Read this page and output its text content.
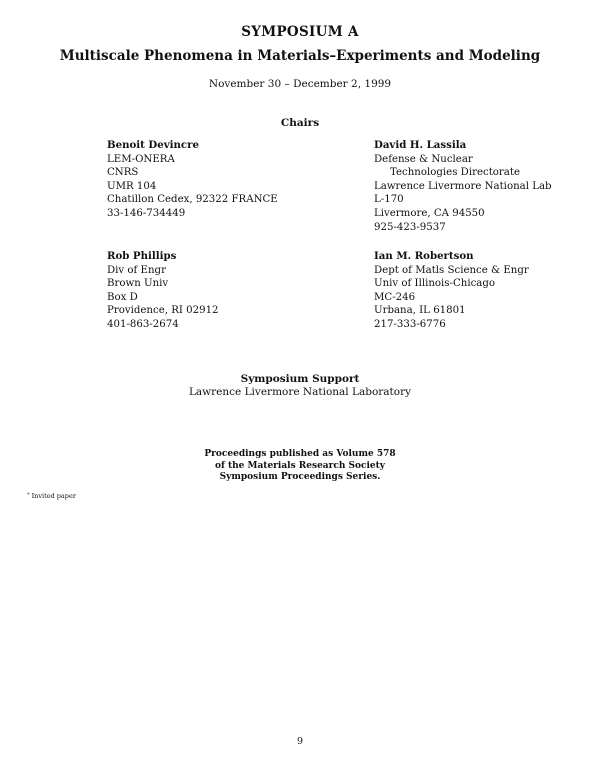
SYMPOSIUM A
Multiscale Phenomena in Materials–Experiments and Modeling
November 30 – December 2, 1999
Chairs
Benoit Devincre
LEM-ONERA
CNRS
UMR 104
Chatillon Cedex, 92322 FRANCE
33-146-734449
David H. Lassila
Defense & Nuclear
Technologies Directorate
Lawrence Livermore National Lab
L-170
Livermore, CA 94550
925-423-9537
Rob Phillips
Div of Engr
Brown Univ
Box D
Providence, RI 02912
401-863-2674
Ian M. Robertson
Dept of Matls Science & Engr
Univ of Illinois-Chicago
MC-246
Urbana, IL 61801
217-333-6776
Symposium Support
Lawrence Livermore National Laboratory
Proceedings published as Volume 578
of the Materials Research Society
Symposium Proceedings Series.
* Invited paper
9
